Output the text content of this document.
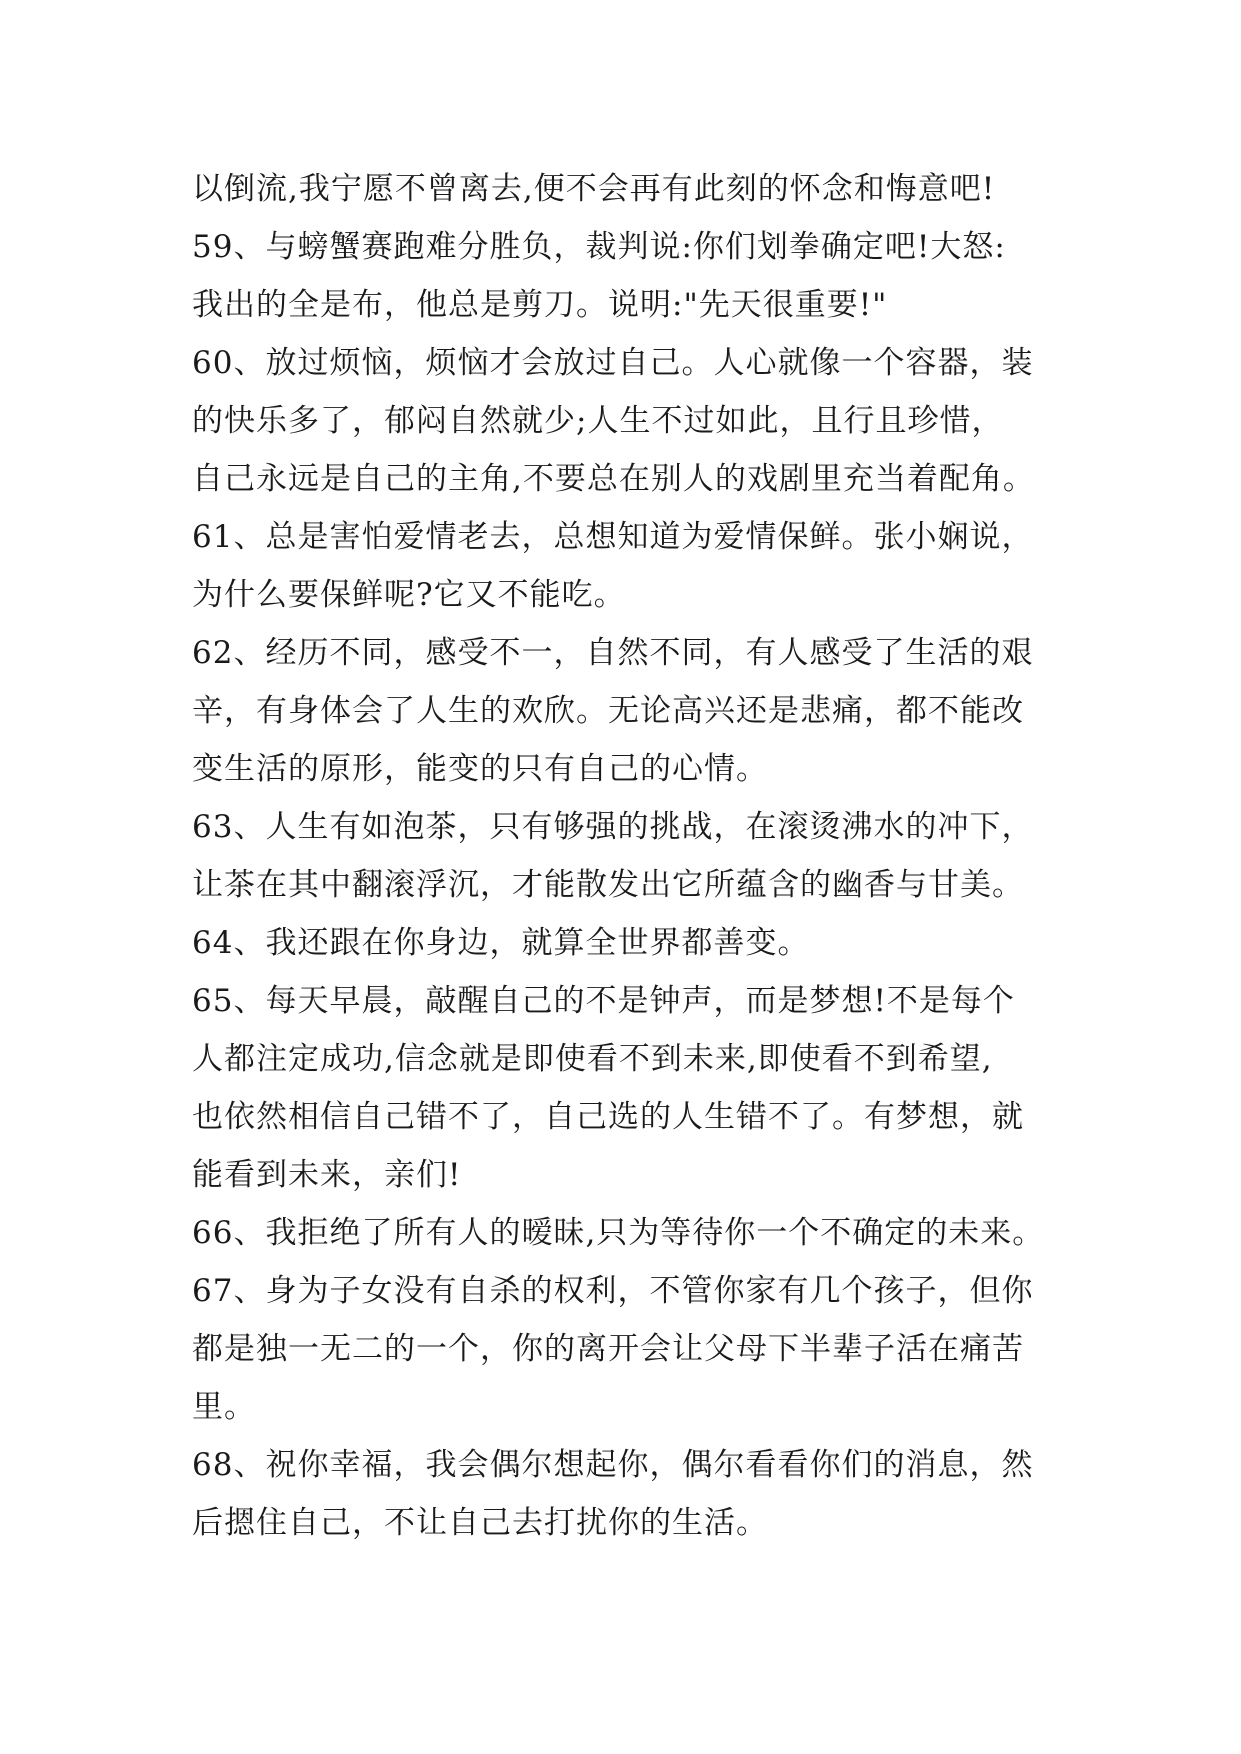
以倒流,我宁愿不曾离去,便不会再有此刻的怀念和悔意吧!
59、与螃蟹赛跑难分胜负，裁判说:你们划拳确定吧!大怒:
我出的全是布，他总是剪刀。说明:"先天很重要!"
60、放过烦恼，烦恼才会放过自己。人心就像一个容器，装
的快乐多了，郁闷自然就少;人生不过如此，且行且珍惜，
自己永远是自己的主角,不要总在别人的戏剧里充当着配角。
61、总是害怕爱情老去，总想知道为爱情保鲜。张小娴说，
为什么要保鲜呢?它又不能吃。
62、经历不同，感受不一，自然不同，有人感受了生活的艰
辛，有身体会了人生的欢欣。无论高兴还是悲痛，都不能改
变生活的原形，能变的只有自己的心情。
63、人生有如泡茶，只有够强的挑战，在滚烫沸水的冲下，
让茶在其中翻滚浮沉，才能散发出它所蕴含的幽香与甘美。
64、我还跟在你身边，就算全世界都善变。
65、每天早晨，敲醒自己的不是钟声，而是梦想!不是每个
人都注定成功,信念就是即使看不到未来,即使看不到希望,
也依然相信自己错不了，自己选的人生错不了。有梦想，就
能看到未来，亲们!
66、我拒绝了所有人的暧昧,只为等待你一个不确定的未来。
67、身为子女没有自杀的权利，不管你家有几个孩子，但你
都是独一无二的一个，你的离开会让父母下半辈子活在痛苦
里。
68、祝你幸福，我会偶尔想起你，偶尔看看你们的消息，然
后摁住自己，不让自己去打扰你的生活。
